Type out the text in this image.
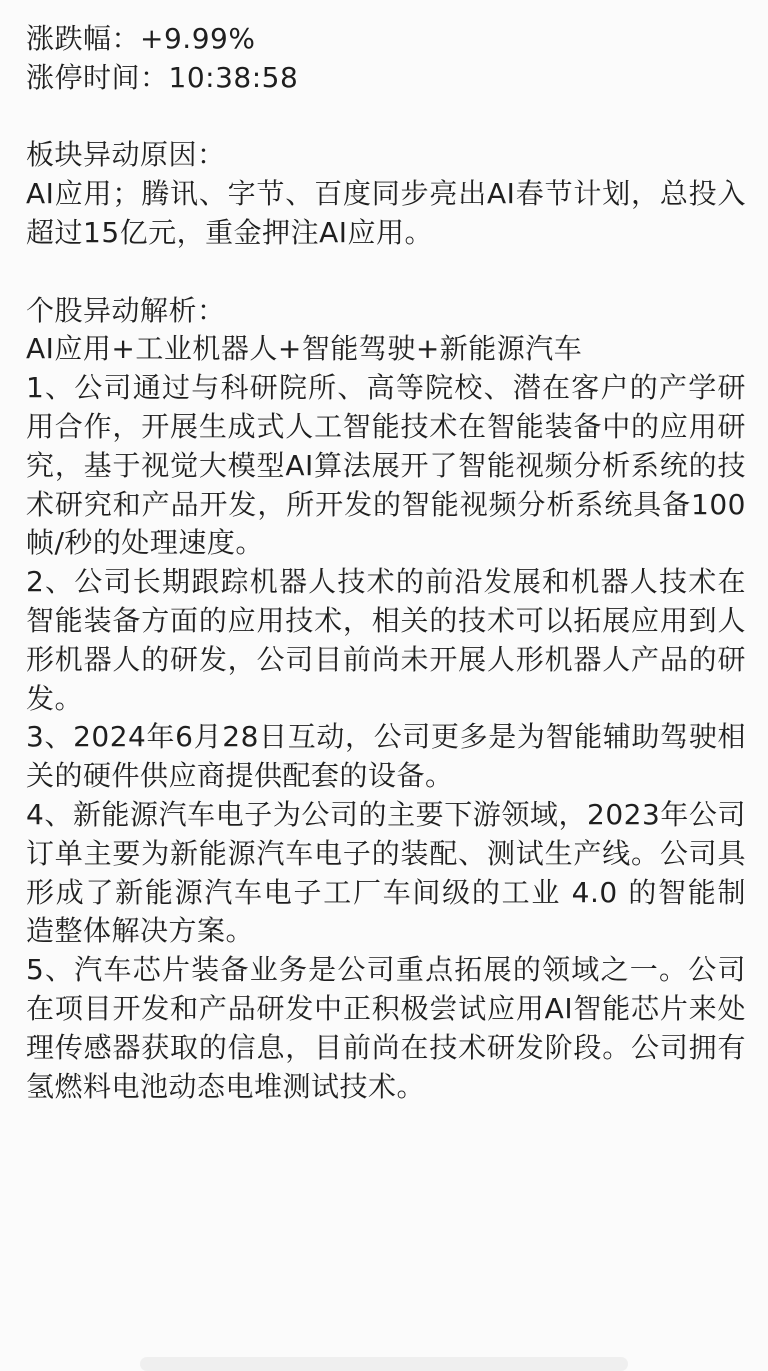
涨跌幅：+9.99%
涨停时间：10:38:58
板块异动原因：

AI应用；腾讯、字节、百度同步亮出AI春节计划，总投入超过15亿元，重金押注AI应用。

个股异动解析：
AI应用+工业机器人+智能驾驶+新能源汽车

1、公司通过与科研院所、高等院校、潜在客户的产学研用合作，开展生成式人工智能技术在智能装备中的应用研究，基于视觉大模型AI算法展开了智能视频分析系统的技术研究和产品开发，所开发的智能视频分析系统具备100帧/秒的处理速度。

2、公司长期跟踪机器人技术的前沿发展和机器人技术在智能装备方面的应用技术，相关的技术可以拓展应用到人形机器人的研发，公司目前尚未开展人形机器人产品的研发。

3、2024年6月28日互动，公司更多是为智能辅助驾驶相关的硬件供应商提供配套的设备。

4、新能源汽车电子为公司的主要下游领域，2023年公司订单主要为新能源汽车电子的装配、测试生产线。公司具形成了新能源汽车电子工厂车间级的工业 4.0 的智能制造整体解决方案。

5、汽车芯片装备业务是公司重点拓展的领域之一。公司在项目开发和产品研发中正积极尝试应用AI智能芯片来处理传感器获取的信息，目前尚在技术研发阶段。公司拥有氢燃料电池动态电堆测试技术。
